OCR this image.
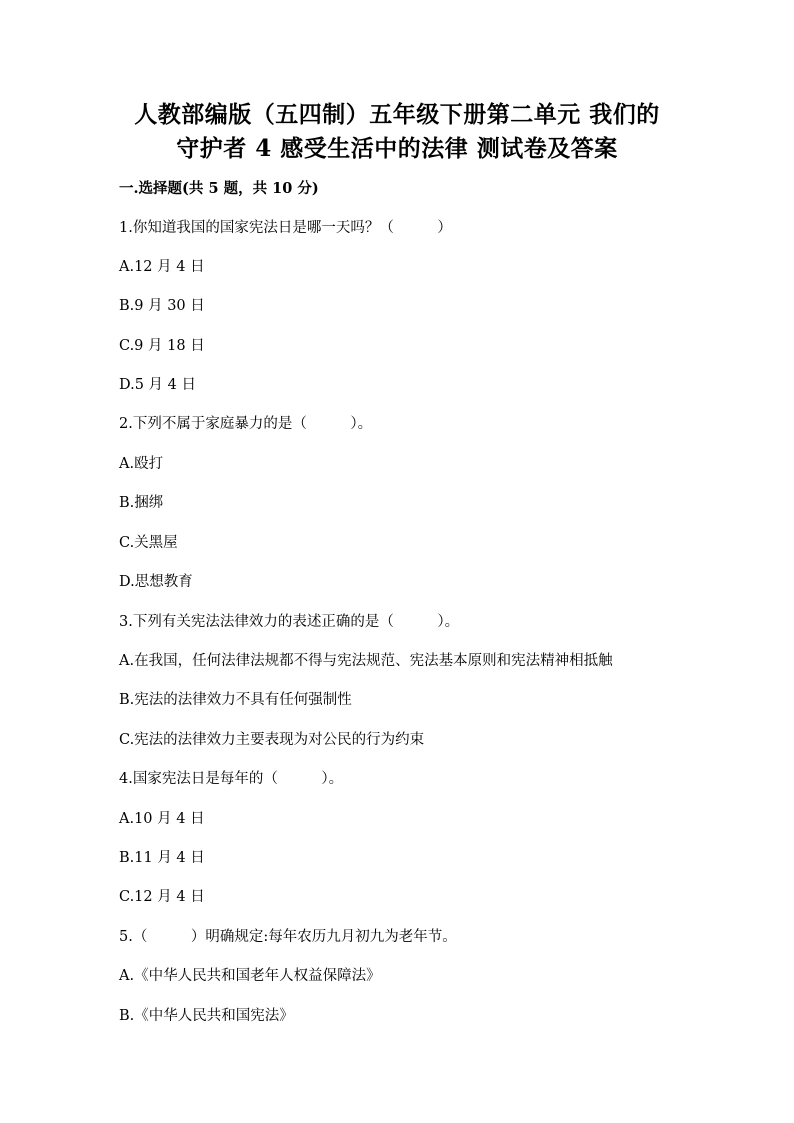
人教部编版（五四制）五年级下册第二单元 我们的
守护者 4 感受生活中的法律 测试卷及答案
一.选择题(共 5 题，共 10 分)
1.你知道我国的国家宪法日是哪一天吗？（　　　）
A.12 月 4 日
B.9 月 30 日
C.9 月 18 日
D.5 月 4 日
2.下列不属于家庭暴力的是（　　　）。
A.殴打
B.捆绑
C.关黑屋
D.思想教育
3.下列有关宪法法律效力的表述正确的是（　　　）。
A.在我国，任何法律法规都不得与宪法规范、宪法基本原则和宪法精神相抵触
B.宪法的法律效力不具有任何强制性
C.宪法的法律效力主要表现为对公民的行为约束
4.国家宪法日是每年的（　　　）。
A.10 月 4 日
B.11 月 4 日
C.12 月 4 日
5.（　　　）明确规定:每年农历九月初九为老年节。
A.《中华人民共和国老年人权益保障法》
B.《中华人民共和国宪法》
